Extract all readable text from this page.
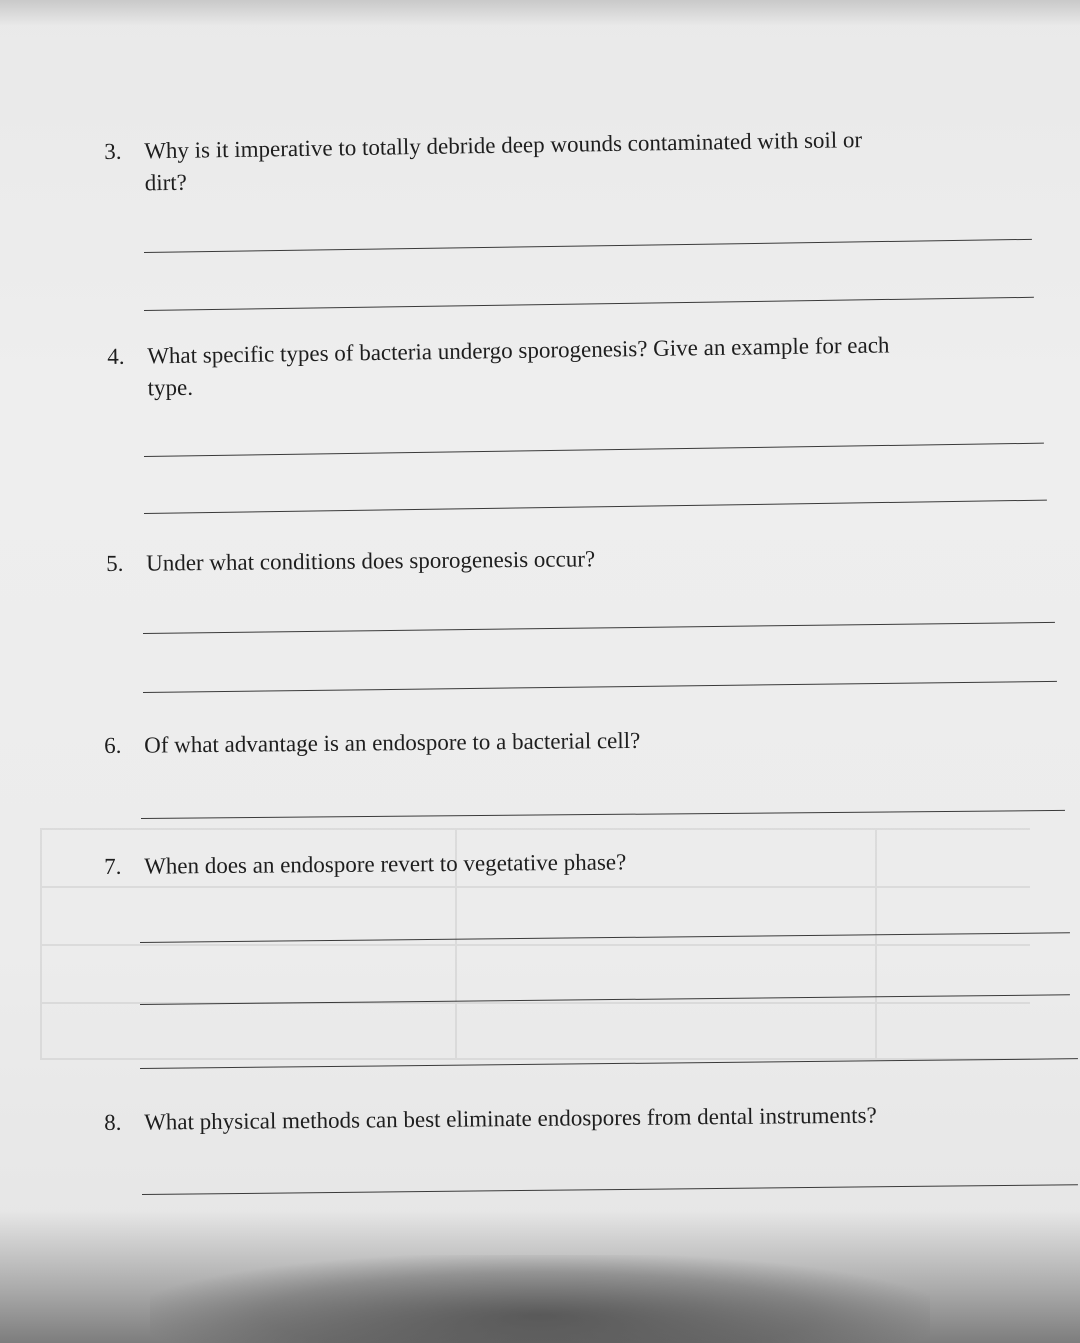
3. Why is it imperative to totally debride deep wounds contaminated with soil or
dirt?
4. What specific types of bacteria undergo sporogenesis? Give an example for each
type.
5. Under what conditions does sporogenesis occur?
6. Of what advantage is an endospore to a bacterial cell?
7. When does an endospore revert to vegetative phase?
8. What physical methods can best eliminate endospores from dental instruments?
